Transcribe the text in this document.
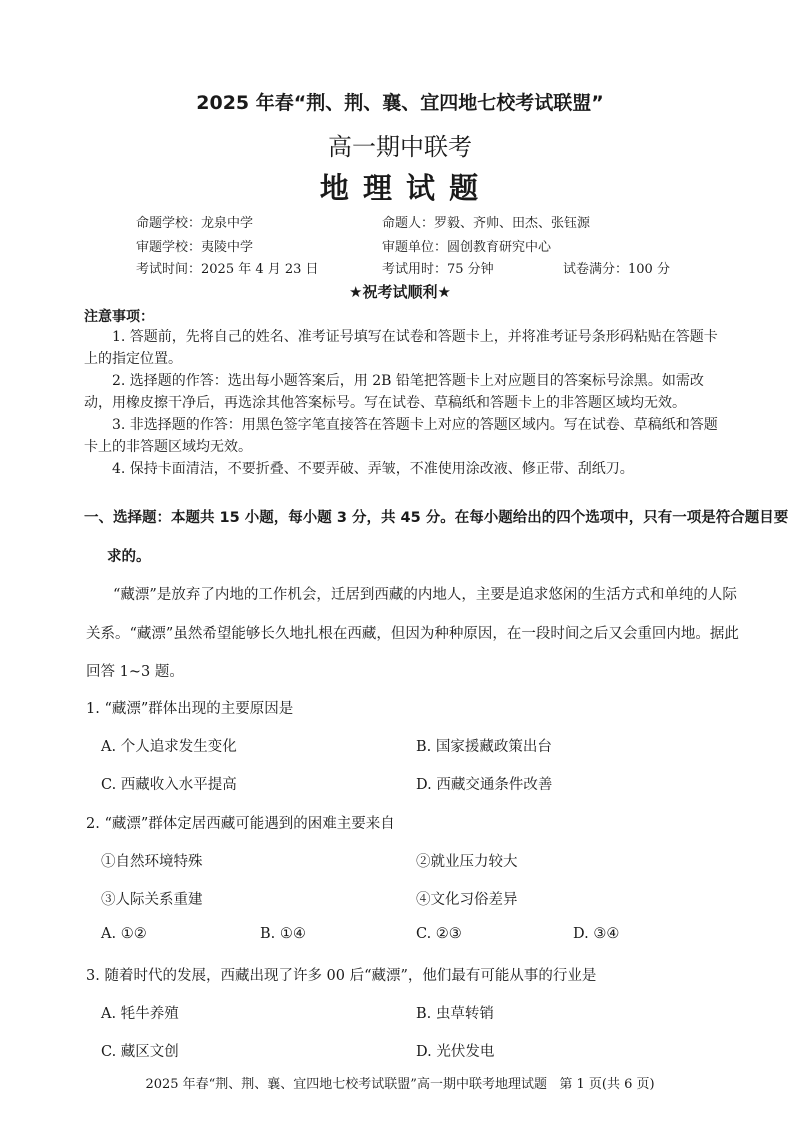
2025 年春“荆、荆、襄、宜四地七校考试联盟”
高一期中联考
地 理 试 题
命题学校：龙泉中学	命题人：罗毅、齐帅、田杰、张钰源
审题学校：夷陵中学	审题单位：圆创教育研究中心
考试时间：2025 年 4 月 23 日	考试用时：75 分钟	试卷满分：100 分
★祝考试顺利★
注意事项：
1. 答题前，先将自己的姓名、准考证号填写在试卷和答题卡上，并将准考证号条形码粘贴在答题卡上的指定位置。
2. 选择题的作答：选出每小题答案后，用 2B 铅笔把答题卡上对应题目的答案标号涂黑。如需改动，用橡皮擦干净后，再选涂其他答案标号。写在试卷、草稿纸和答题卡上的非答题区域均无效。
3. 非选择题的作答：用黑色签字笔直接答在答题卡上对应的答题区域内。写在试卷、草稿纸和答题卡上的非答题区域均无效。
4. 保持卡面清洁，不要折叠、不要弄破、弄皱，不准使用涂改液、修正带、刮纸刀。
一、选择题：本题共 15 小题，每小题 3 分，共 45 分。在每小题给出的四个选项中，只有一项是符合题目要
求的。
“藏漂”是放弃了内地的工作机会，迁居到西藏的内地人，主要是追求悠闲的生活方式和单纯的人际
关系。“藏漂”虽然希望能够长久地扎根在西藏，但因为种种原因，在一段时间之后又会重回内地。据此
回答 1~3 题。
1. “藏漂”群体出现的主要原因是
A. 个人追求发生变化	B. 国家援藏政策出台
C. 西藏收入水平提高	D. 西藏交通条件改善
2. “藏漂”群体定居西藏可能遇到的困难主要来自
①自然环境特殊	②就业压力较大
③人际关系重建	④文化习俗差异
A. ①②	B. ①④	C. ②③	D. ③④
3. 随着时代的发展，西藏出现了许多 00 后“藏漂”，他们最有可能从事的行业是
A. 牦牛养殖	B. 虫草转销
C. 藏区文创	D. 光伏发电
2025 年春“荆、荆、襄、宜四地七校考试联盟”高一期中联考地理试题   第 1 页(共 6 页)
